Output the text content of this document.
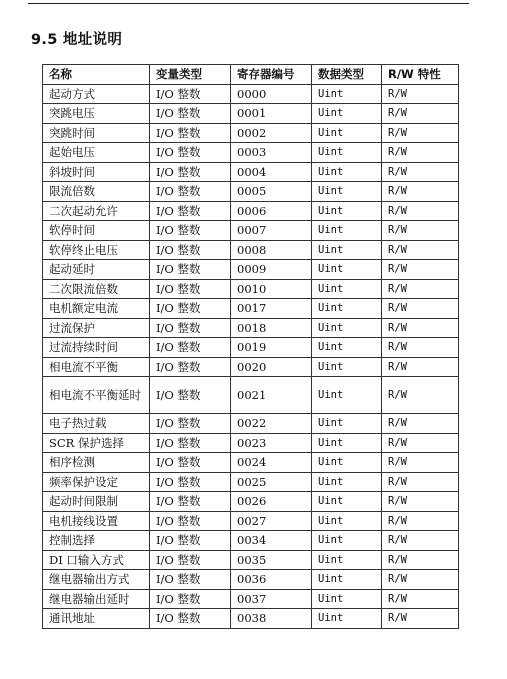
9.5 地址说明
名称	变量类型	寄存器编号	数据类型	R/W 特性
起动方式	I/O 整数	0000	Uint	R/W
突跳电压	I/O 整数	0001	Uint	R/W
突跳时间	I/O 整数	0002	Uint	R/W
起始电压	I/O 整数	0003	Uint	R/W
斜坡时间	I/O 整数	0004	Uint	R/W
限流倍数	I/O 整数	0005	Uint	R/W
二次起动允许	I/O 整数	0006	Uint	R/W
软停时间	I/O 整数	0007	Uint	R/W
软停终止电压	I/O 整数	0008	Uint	R/W
起动延时	I/O 整数	0009	Uint	R/W
二次限流倍数	I/O 整数	0010	Uint	R/W
电机额定电流	I/O 整数	0017	Uint	R/W
过流保护	I/O 整数	0018	Uint	R/W
过流持续时间	I/O 整数	0019	Uint	R/W
相电流不平衡	I/O 整数	0020	Uint	R/W
相电流不平衡延时	I/O 整数	0021	Uint	R/W
电子热过载	I/O 整数	0022	Uint	R/W
SCR 保护选择	I/O 整数	0023	Uint	R/W
相序检测	I/O 整数	0024	Uint	R/W
频率保护设定	I/O 整数	0025	Uint	R/W
起动时间限制	I/O 整数	0026	Uint	R/W
电机接线设置	I/O 整数	0027	Uint	R/W
控制选择	I/O 整数	0034	Uint	R/W
DI 口输入方式	I/O 整数	0035	Uint	R/W
继电器输出方式	I/O 整数	0036	Uint	R/W
继电器输出延时	I/O 整数	0037	Uint	R/W
通讯地址	I/O 整数	0038	Uint	R/W
